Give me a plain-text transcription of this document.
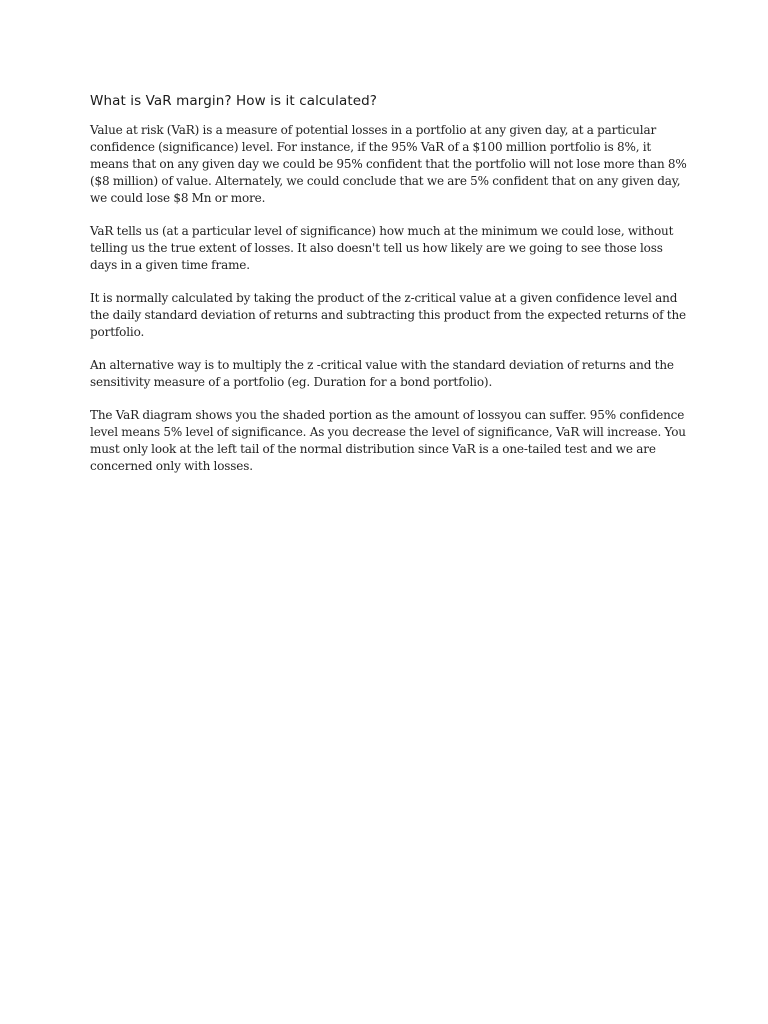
What is VaR margin? How is it calculated?

Value at risk (VaR) is a measure of potential losses in a portfolio at any given day, at a particular confidence (significance) level. For instance, if the 95% VaR of a $100 million portfolio is 8%, it means that on any given day we could be 95% confident that the portfolio will not lose more than 8% ($8 million) of value. Alternately, we could conclude that we are 5% confident that on any given day, we could lose $8 Mn or more.

VaR tells us (at a particular level of significance) how much at the minimum we could lose, without telling us the true extent of losses. It also doesn't tell us how likely are we going to see those loss days in a given time frame.

It is normally calculated by taking the product of the z-critical value at a given confidence level and the daily standard deviation of returns and subtracting this product from the expected returns of the portfolio.

An alternative way is to multiply the z -critical value with the standard deviation of returns and the sensitivity measure of a portfolio (eg. Duration for a bond portfolio).

The VaR diagram shows you the shaded portion as the amount of lossyou can suffer. 95% confidence level means 5% level of significance. As you decrease the level of significance, VaR will increase. You must only look at the left tail of the normal distribution since VaR is a one-tailed test and we are concerned only with losses.
